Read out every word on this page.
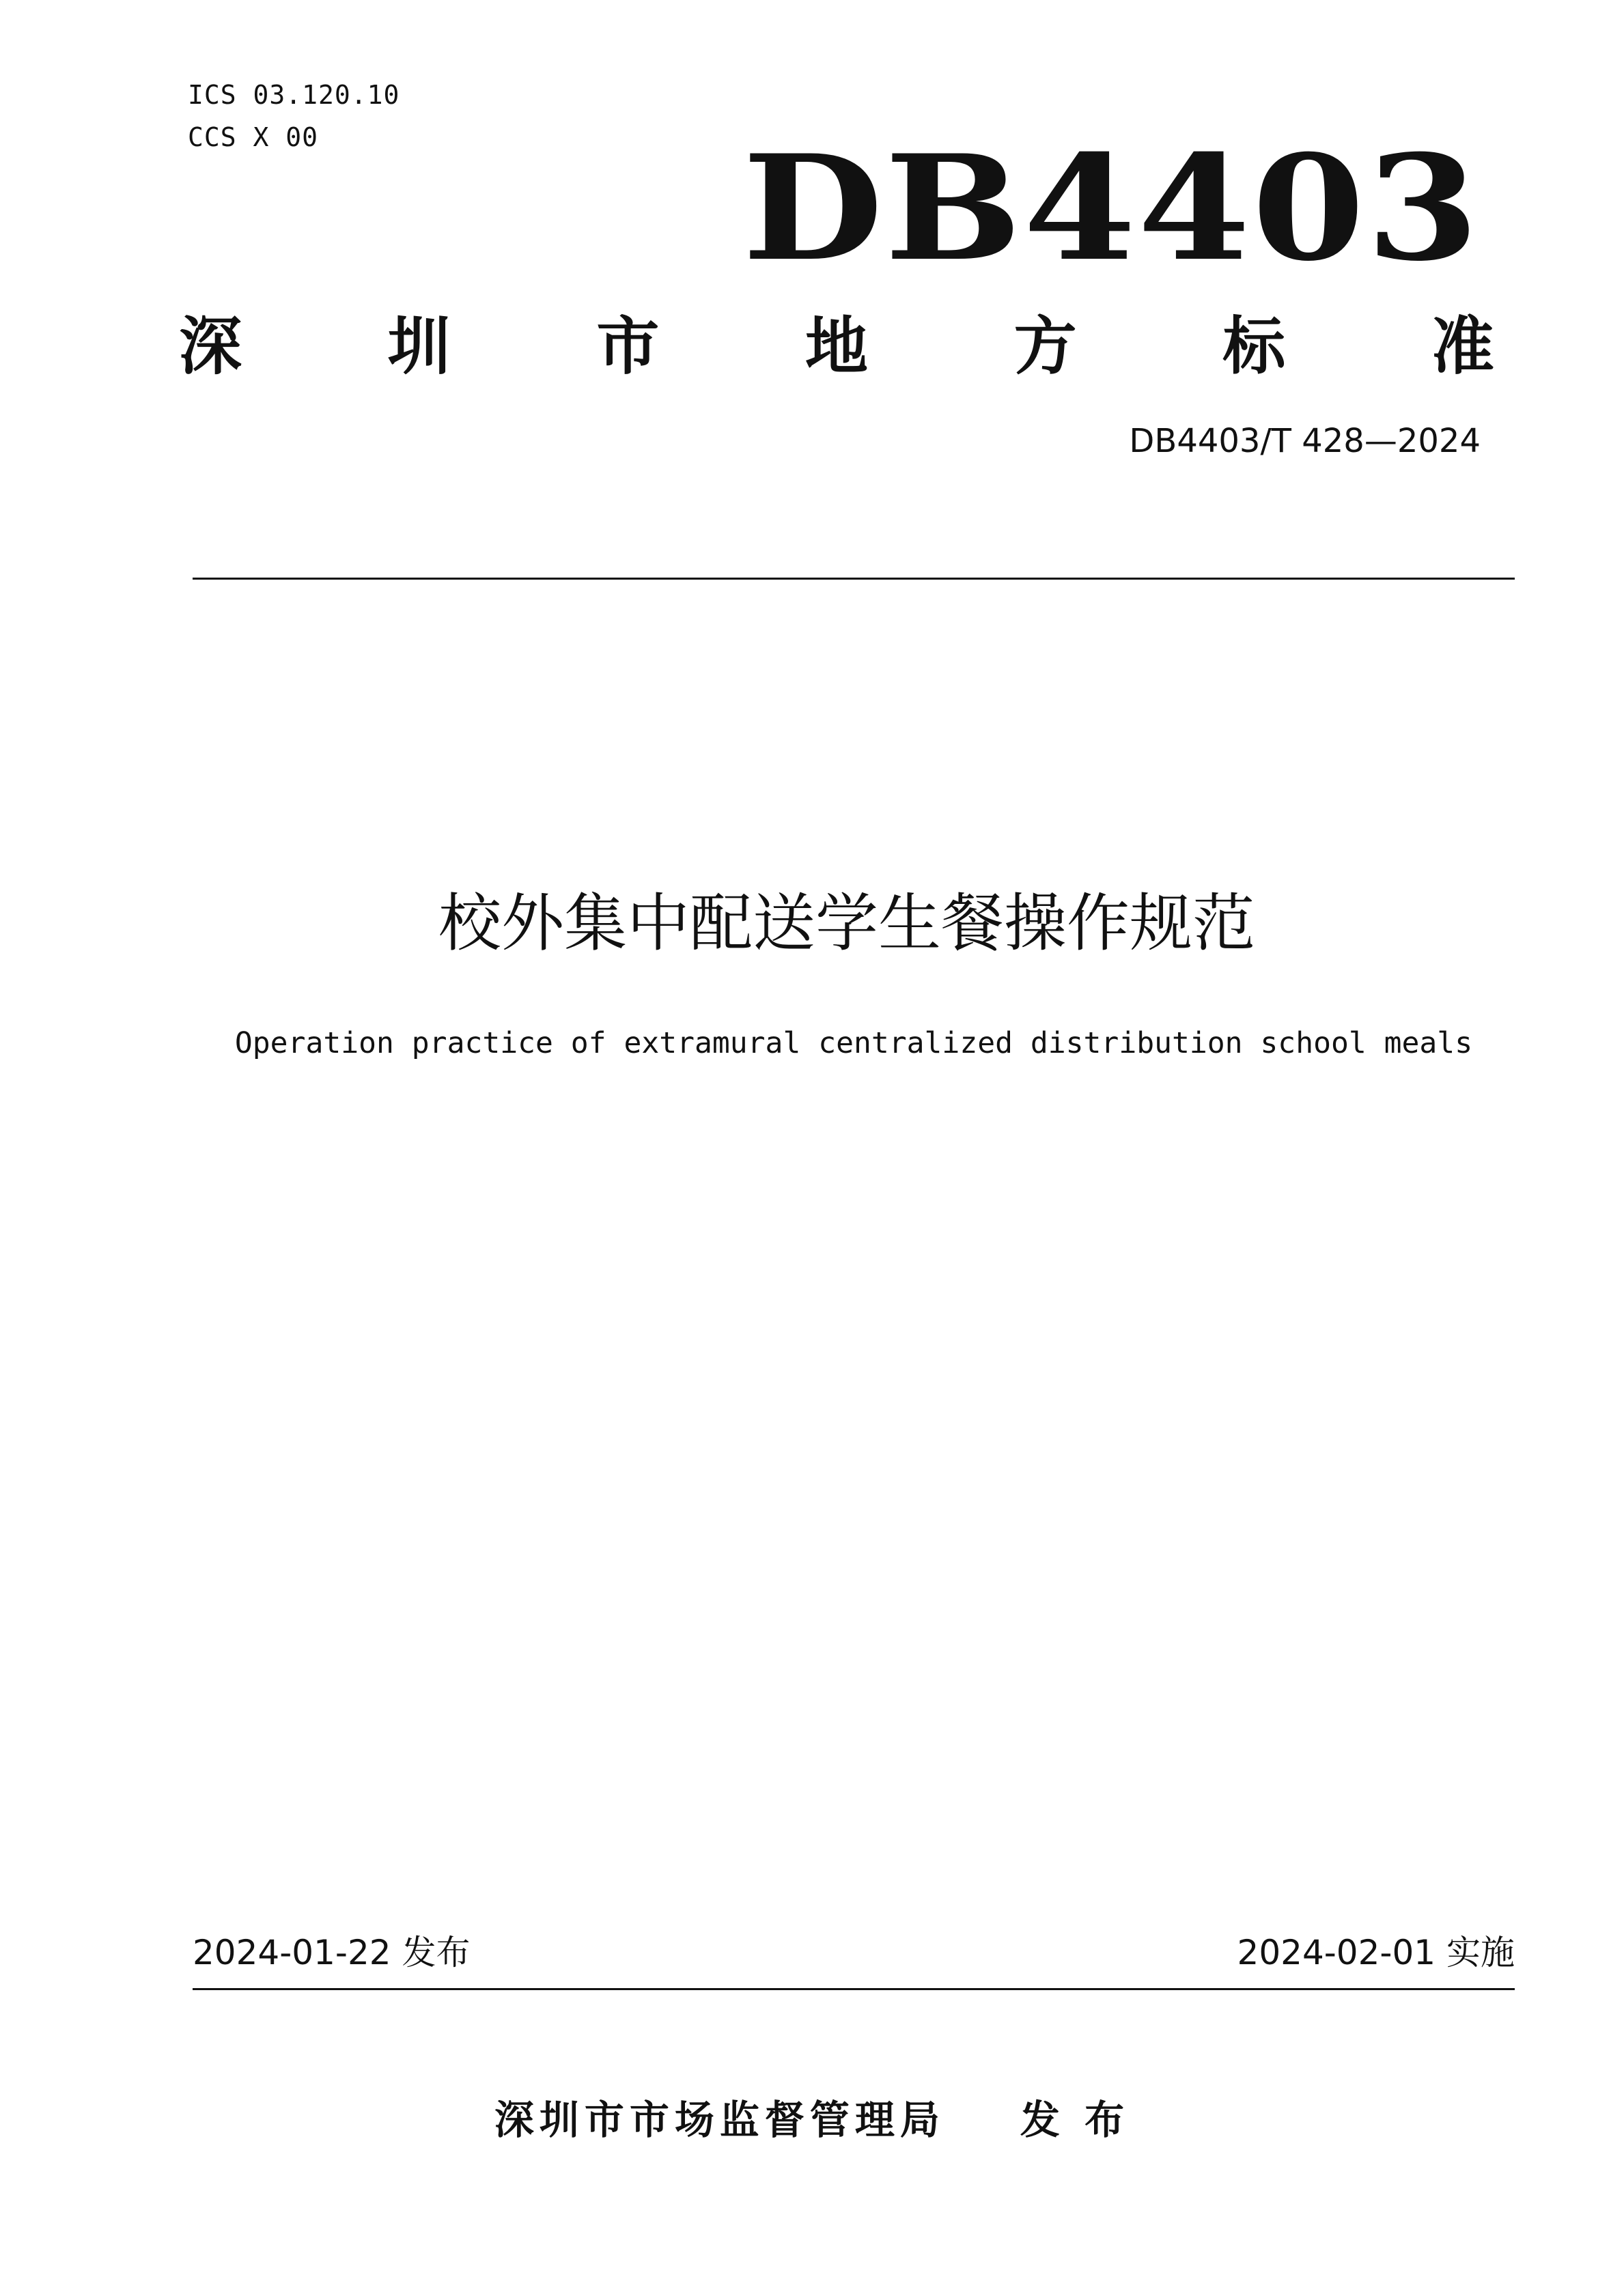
ICS 03.120.10
CCS X 00	DB4403
深 圳 市 地 方 标 准
DB4403/T 428—2024
校外集中配送学生餐操作规范
Operation practice of extramural centralized distribution school meals
2024-01-22 发布	2024-02-01 实施
深圳市市场监督管理局 发 布
